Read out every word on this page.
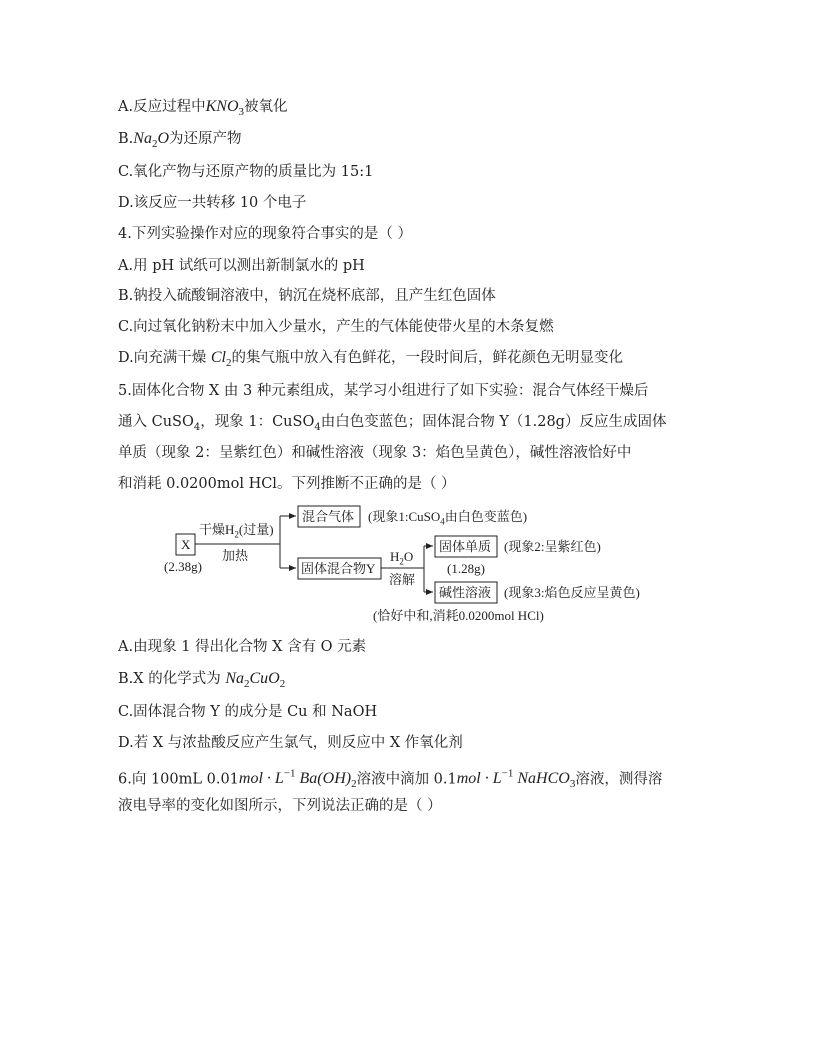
A.反应过程中$KNO_3$被氧化
$B.Na_2O$为还原产物
C.氧化产物与还原产物的质量比为 15:1
D.该反应一共转移 10 个电子
4.下列实验操作对应的现象符合事实的是（ ）
A.用 pH 试纸可以测出新制氯水的 pH
B.钠投入硫酸铜溶液中，钠沉在烧杯底部，且产生红色固体
C.向过氧化钠粉末中加入少量水，产生的气体能使带火星的木条复燃
D.向充满干燥 $Cl_2$的集气瓶中放入有色鲜花，一段时间后，鲜花颜色无明显变化
5.固体化合物 X 由 3 种元素组成，某学习小组进行了如下实验：混合气体经干燥后
通入 CuSO$_4$，现象 1：CuSO$_4$由白色变蓝色；固体混合物 Y（1.28g）反应生成固体
单质（现象 2：呈紫红色）和碱性溶液（现象 3：焰色呈黄色），碱性溶液恰好中
和消耗 0.0200mol HCl。下列推断不正确的是（ ）
X
(2.38g)
干燥$H_2$(过量)
加热
混合气体 (现象1:CuSO$_4$由白色变蓝色)
固体混合物Y
$H_2O$
溶解
固体单质 (现象2:呈紫红色)
(1.28g)
碱性溶液 (现象3:焰色反应呈黄色)
(恰好中和,消耗0.0200mol HCl)
A.由现象 1 得出化合物 X 含有 O 元素
B.X 的化学式为 $Na_2CuO_2$
C.固体混合物 Y 的成分是 Cu 和 NaOH
D.若 X 与浓盐酸反应产生氯气，则反应中 X 作氧化剂
6.向 100mL $0.01mol \cdot L^{-1}$ $Ba(OH)_2$溶液中滴加 $0.1mol \cdot L^{-1}$ NaHCO$_3$溶液，测得溶
液电导率的变化如图所示，下列说法正确的是（ ）
